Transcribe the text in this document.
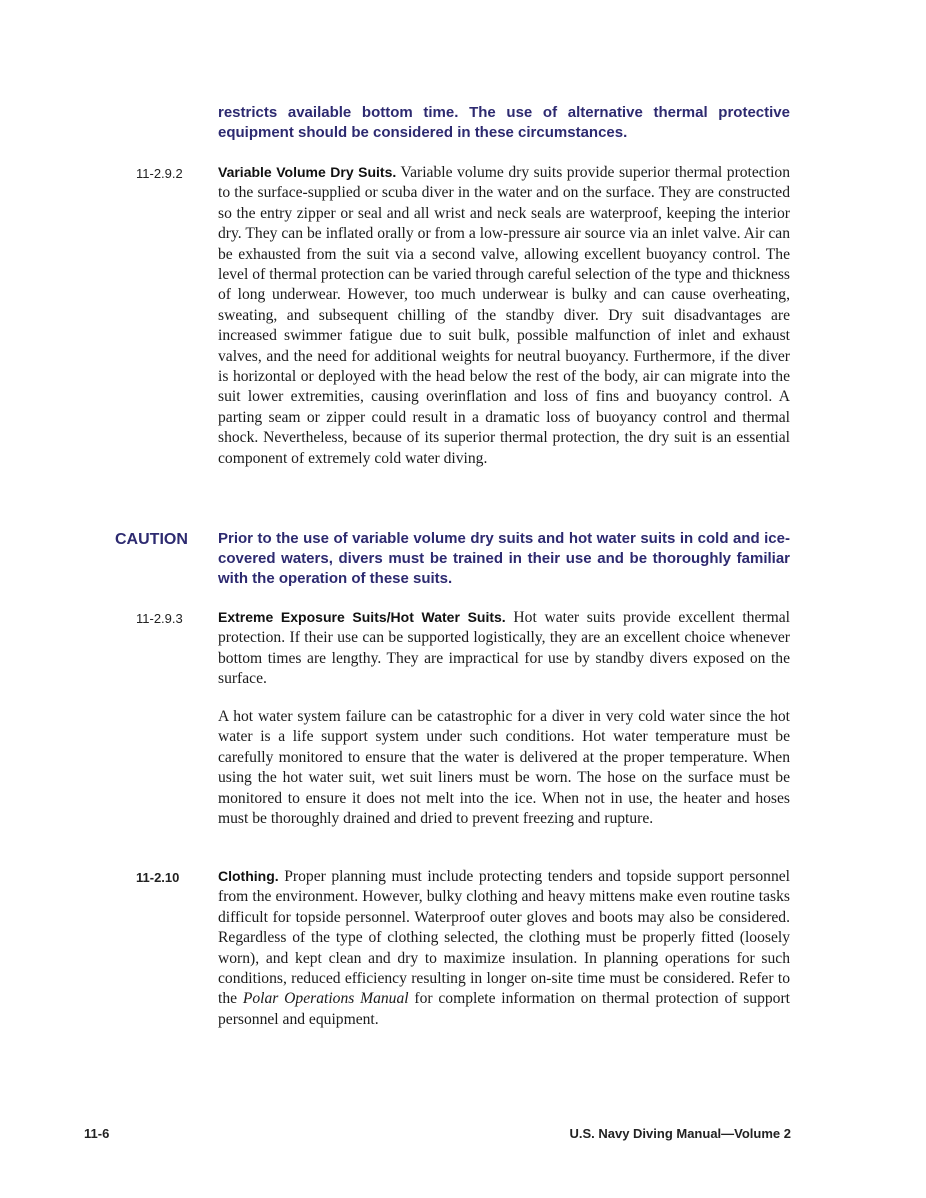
restricts available bottom time. The use of alternative thermal protective equipment should be considered in these circumstances.

11-2.9.2	Variable Volume Dry Suits. Variable volume dry suits provide superior thermal protection to the surface-supplied or scuba diver in the water and on the surface. They are constructed so the entry zipper or seal and all wrist and neck seals are waterproof, keeping the interior dry. They can be inflated orally or from a low-pressure air source via an inlet valve. Air can be exhausted from the suit via a second valve, allowing excellent buoyancy control. The level of thermal protection can be varied through careful selection of the type and thickness of long underwear. However, too much underwear is bulky and can cause overheating, sweating, and subsequent chilling of the standby diver. Dry suit disadvantages are increased swimmer fatigue due to suit bulk, possible malfunction of inlet and exhaust valves, and the need for additional weights for neutral buoyancy. Furthermore, if the diver is horizontal or deployed with the head below the rest of the body, air can migrate into the suit lower extremities, causing overinflation and loss of fins and buoyancy control. A parting seam or zipper could result in a dramatic loss of buoyancy control and thermal shock. Nevertheless, because of its superior thermal protection, the dry suit is an essential component of extremely cold water diving.

CAUTION	Prior to the use of variable volume dry suits and hot water suits in cold and ice-covered waters, divers must be trained in their use and be thoroughly familiar with the operation of these suits.

11-2.9.3	Extreme Exposure Suits/Hot Water Suits. Hot water suits provide excellent thermal protection. If their use can be supported logistically, they are an excellent choice whenever bottom times are lengthy. They are impractical for use by standby divers exposed on the surface.

A hot water system failure can be catastrophic for a diver in very cold water since the hot water is a life support system under such conditions. Hot water temperature must be carefully monitored to ensure that the water is delivered at the proper temperature. When using the hot water suit, wet suit liners must be worn. The hose on the surface must be monitored to ensure it does not melt into the ice. When not in use, the heater and hoses must be thoroughly drained and dried to prevent freezing and rupture.

11-2.10	Clothing. Proper planning must include protecting tenders and topside support personnel from the environment. However, bulky clothing and heavy mittens make even routine tasks difficult for topside personnel. Waterproof outer gloves and boots may also be considered. Regardless of the type of clothing selected, the clothing must be properly fitted (loosely worn), and kept clean and dry to maximize insulation. In planning operations for such conditions, reduced efficiency resulting in longer on-site time must be considered. Refer to the Polar Operations Manual for complete information on thermal protection of support personnel and equipment.

11-6	U.S. Navy Diving Manual—Volume 2
